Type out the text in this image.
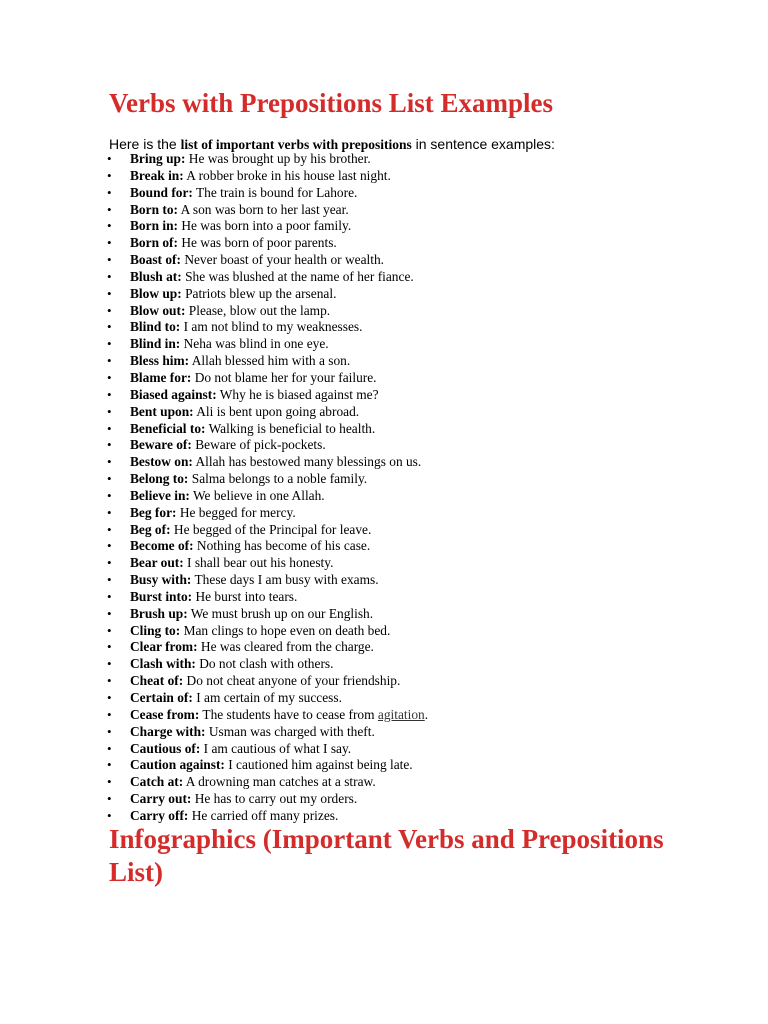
Verbs with Prepositions List Examples

Here is the list of important verbs with prepositions in sentence examples:

• Bring up: He was brought up by his brother.
• Break in: A robber broke in his house last night.
• Bound for: The train is bound for Lahore.
• Born to: A son was born to her last year.
• Born in: He was born into a poor family.
• Born of: He was born of poor parents.
• Boast of: Never boast of your health or wealth.
• Blush at: She was blushed at the name of her fiance.
• Blow up: Patriots blew up the arsenal.
• Blow out: Please, blow out the lamp.
• Blind to: I am not blind to my weaknesses.
• Blind in: Neha was blind in one eye.
• Bless him: Allah blessed him with a son.
• Blame for: Do not blame her for your failure.
• Biased against: Why he is biased against me?
• Bent upon: Ali is bent upon going abroad.
• Beneficial to: Walking is beneficial to health.
• Beware of: Beware of pick-pockets.
• Bestow on: Allah has bestowed many blessings on us.
• Belong to: Salma belongs to a noble family.
• Believe in: We believe in one Allah.
• Beg for: He begged for mercy.
• Beg of: He begged of the Principal for leave.
• Become of: Nothing has become of his case.
• Bear out: I shall bear out his honesty.
• Busy with: These days I am busy with exams.
• Burst into: He burst into tears.
• Brush up: We must brush up on our English.
• Cling to: Man clings to hope even on death bed.
• Clear from: He was cleared from the charge.
• Clash with: Do not clash with others.
• Cheat of: Do not cheat anyone of your friendship.
• Certain of: I am certain of my success.
• Cease from: The students have to cease from agitation.
• Charge with: Usman was charged with theft.
• Cautious of: I am cautious of what I say.
• Caution against: I cautioned him against being late.
• Catch at: A drowning man catches at a straw.
• Carry out: He has to carry out my orders.
• Carry off: He carried off many prizes.
Infographics (Important Verbs and Prepositions List)
